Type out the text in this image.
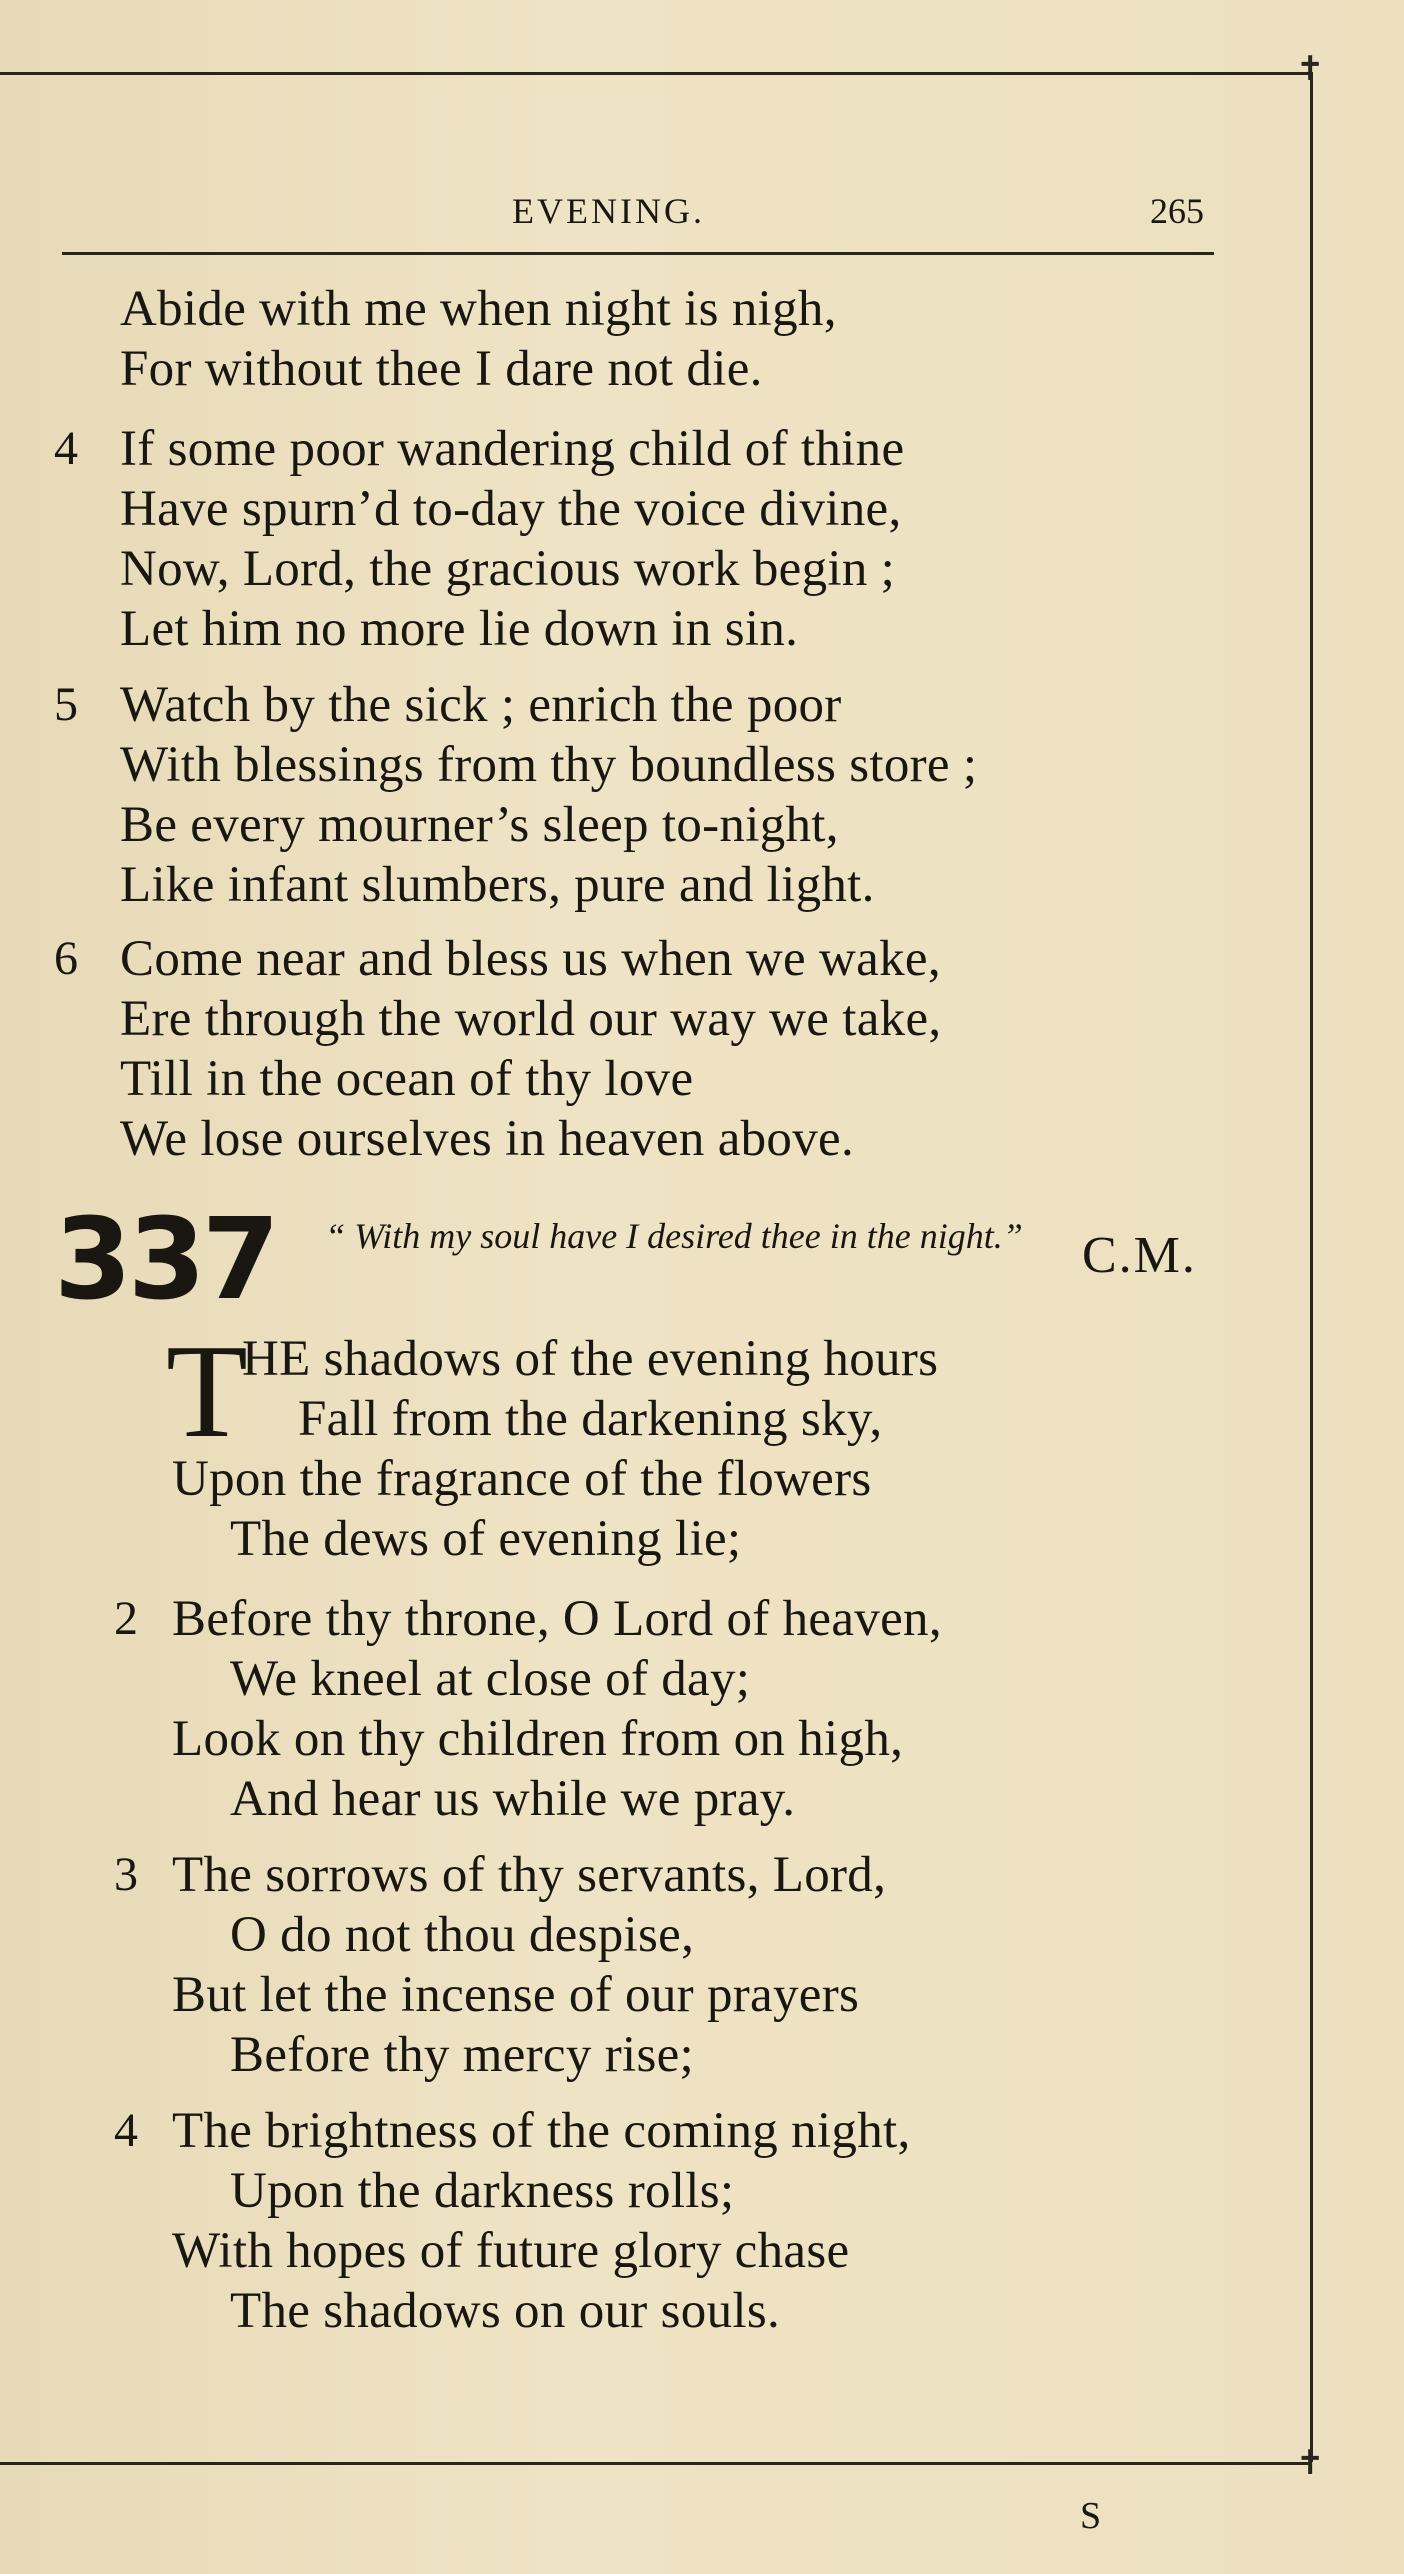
✝
✝
EVENING.	265
Abide with me when night is nigh,
For without thee I dare not die.
4 If some poor wandering child of thine
Have spurn’d to-day the voice divine,
Now, Lord, the gracious work begin ;
Let him no more lie down in sin.
5 Watch by the sick ; enrich the poor
With blessings from thy boundless store ;
Be every mourner’s sleep to-night,
Like infant slumbers, pure and light.
6 Come near and bless us when we wake,
Ere through the world our way we take,
Till in the ocean of thy love
We lose ourselves in heaven above.
337	“ With my soul have I desired thee in the night.”	C.M.
T
HE shadows of the evening hours
Fall from the darkening sky,
Upon the fragrance of the flowers
The dews of evening lie;
2 Before thy throne, O Lord of heaven,
We kneel at close of day;
Look on thy children from on high,
And hear us while we pray.
3 The sorrows of thy servants, Lord,
O do not thou despise,
But let the incense of our prayers
Before thy mercy rise;
4 The brightness of the coming night,
Upon the darkness rolls;
With hopes of future glory chase
The shadows on our souls.
S
